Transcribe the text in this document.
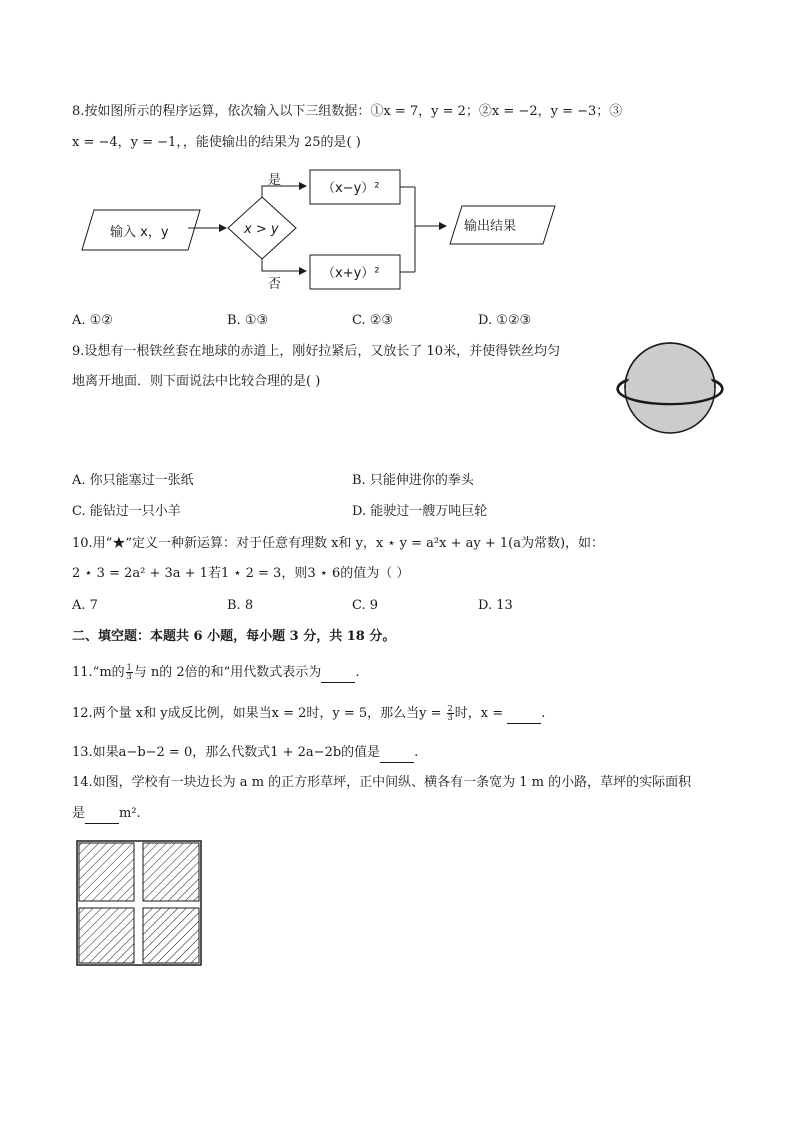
8.按如图所示的程序运算，依次输入以下三组数据：①x = 7，y = 2；②x = −2，y = −3；③
x = −4，y = −1，，能使输出的结果为 25的是( )
输入 x，y	x > y
是
否
（x−y）²
（x+y）²
输出结果
A. ①②	B. ①③	C. ②③	D. ①②③
9.设想有一根铁丝套在地球的赤道上，刚好拉紧后，又放长了 10米，并使得铁丝均匀
地离开地面．则下面说法中比较合理的是( )
A. 你只能塞过一张纸	B. 只能伸进你的拳头
C. 能钻过一只小羊	D. 能驶过一艘万吨巨轮
10.用“★”定义一种新运算：对于任意有理数 x和 y，x ⋆ y = a²x + ay + 1(a为常数)，如：
2 ⋆ 3 = 2a² + 3a + 1若1 ⋆ 2 = 3，则3 ⋆ 6的值为（ ）
A. 7	B. 8	C. 9	D. 13
二、填空题：本题共 6 小题，每小题 3 分，共 18 分。
11.“m的 $\frac{1}{3}$ 与 n的 2倍的和”用代数式表示为	.
12.两个量 x和 y成反比例，如果当x = 2时，y = 5，那么当$y = \frac{2}{3}$ 时，x =	.
13.如果a−b−2 = 0，那么代数式1 + 2a−2b的值是	.
14.如图，学校有一块边长为 a m 的正方形草坪，正中间纵、横各有一条宽为 1 m 的小路，草坪的实际面积
是	m².
